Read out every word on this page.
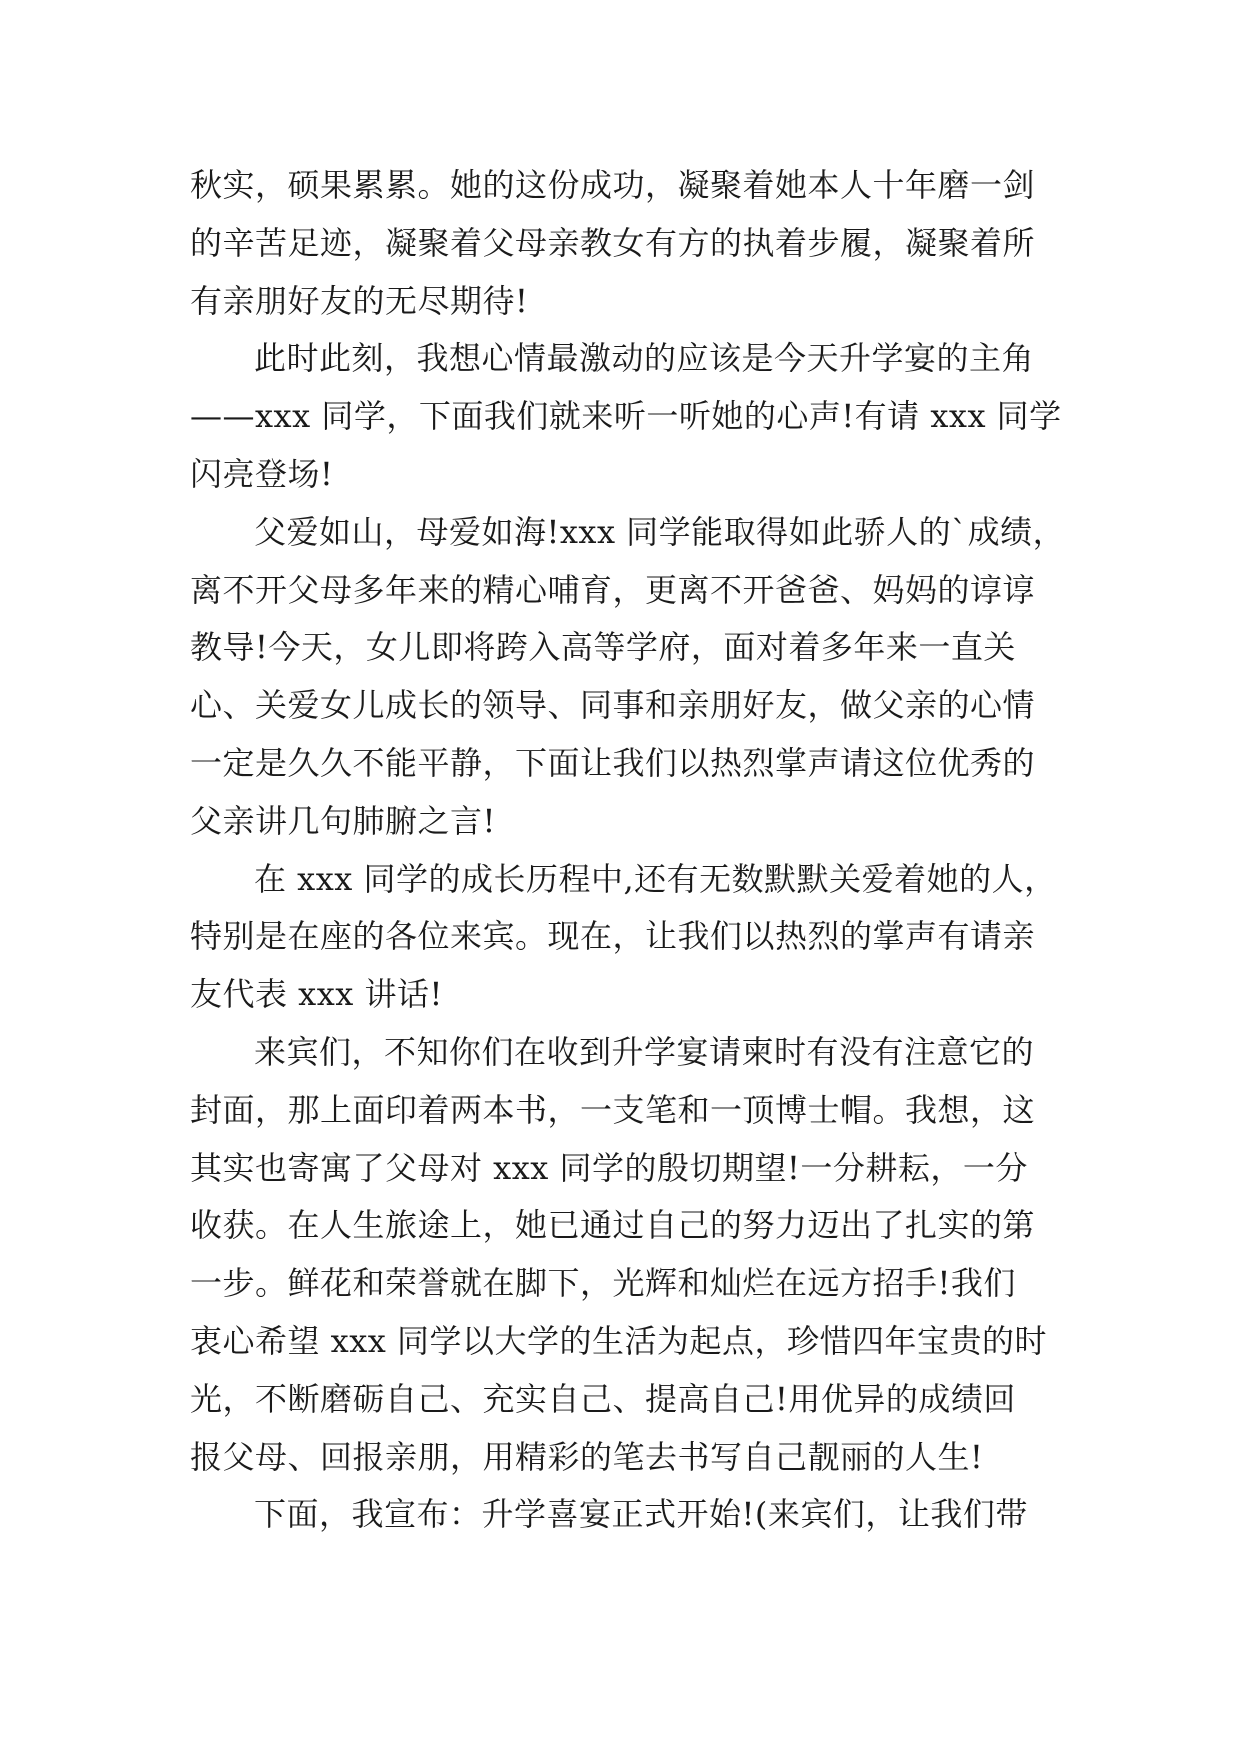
秋实，硕果累累。她的这份成功，凝聚着她本人十年磨一剑
的辛苦足迹，凝聚着父母亲教女有方的执着步履，凝聚着所
有亲朋好友的无尽期待!
此时此刻，我想心情最激动的应该是今天升学宴的主角
——xxx 同学，下面我们就来听一听她的心声!有请 xxx 同学
闪亮登场!
父爱如山，母爱如海!xxx 同学能取得如此骄人的`成绩，
离不开父母多年来的精心哺育，更离不开爸爸、妈妈的谆谆
教导!今天，女儿即将跨入高等学府，面对着多年来一直关
心、关爱女儿成长的领导、同事和亲朋好友，做父亲的心情
一定是久久不能平静，下面让我们以热烈掌声请这位优秀的
父亲讲几句肺腑之言!
在 xxx 同学的成长历程中,还有无数默默关爱着她的人，
特别是在座的各位来宾。现在，让我们以热烈的掌声有请亲
友代表 xxx 讲话!
来宾们，不知你们在收到升学宴请柬时有没有注意它的
封面，那上面印着两本书，一支笔和一顶博士帽。我想，这
其实也寄寓了父母对 xxx 同学的殷切期望!一分耕耘，一分
收获。在人生旅途上，她已通过自己的努力迈出了扎实的第
一步。鲜花和荣誉就在脚下，光辉和灿烂在远方招手!我们
衷心希望 xxx 同学以大学的生活为起点，珍惜四年宝贵的时
光，不断磨砺自己、充实自己、提高自己!用优异的成绩回
报父母、回报亲朋，用精彩的笔去书写自己靓丽的人生!
下面，我宣布：升学喜宴正式开始!(来宾们，让我们带
